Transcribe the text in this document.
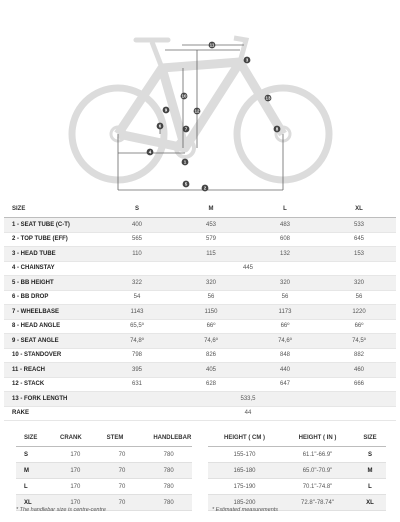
1
2
3
4
5
6
7	8
9
10
11
12
13
SIZE	S	M	L	XL
1 - SEAT TUBE (C-T)	400	453	483	533
2 - TOP TUBE (EFF)	565	579	608	645
3 - HEAD TUBE	110	115	132	153
4 - CHAINSTAY	445			
5 - BB HEIGHT	322	320	320	320
6 - BB DROP	54	56	56	56
7 - WHEELBASE	1143	1150	1173	1220
8 - HEAD ANGLE	65,5º	66º	66º	66º
9 - SEAT ANGLE	74,8º	74,6º	74,6º	74,5º
10 - STANDOVER	798	826	848	882
11 - REACH	395	405	440	460
12 - STACK	631	628	647	666
13 - FORK LENGTH	533,5			
RAKE	44			
SIZE	CRANK	STEM	HANDLEBAR
S	170	70	780
M	170	70	780
L	170	70	780
XL	170	70	780
HEIGHT ( CM )	HEIGHT ( IN )	SIZE
155-170	61.1"-66.9"	S
165-180	65.0"-70.9"	M
175-190	70.1"-74.8"	L
185-200	72.8"-78.74"	XL
* The handlebar size is centre-centre	* Estimated measurements
